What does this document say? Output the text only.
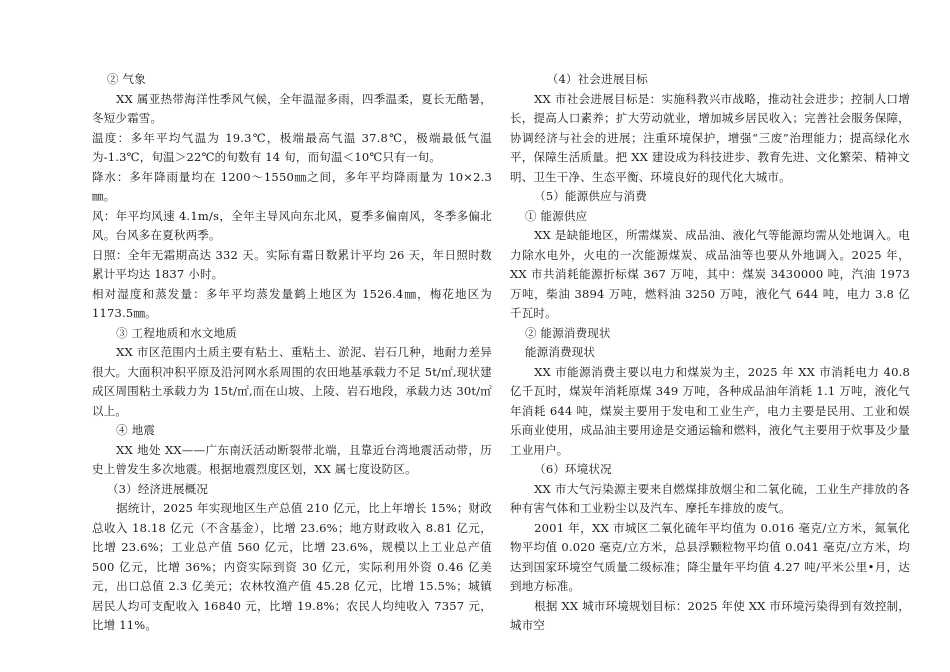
② 气象

XX 属亚热带海洋性季风气候，全年温湿多雨，四季温柔，夏长无酷暑，冬短少霜雪。

温度：多年平均气温为 19.3℃，极端最高气温 37.8℃，极端最低气温为-1.3℃，旬温＞22℃的旬数有 14 旬，而旬温＜10℃只有一旬。

降水：多年降雨量均在 1200～1550㎜之间，多年平均降雨量为 10×2.3㎜。

风：年平均风速 4.1m/s，全年主导风向东北风，夏季多偏南风，冬季多偏北风。台风多在夏秋两季。

日照：全年无霜期高达 332 天。实际有霜日数累计平均 26 天，年日照时数累计平均达 1837 小时。

相对湿度和蒸发量：多年平均蒸发量鹤上地区为 1526.4㎜，梅花地区为 1173.5㎜。

③ 工程地质和水文地质

XX 市区范围内土质主要有粘土、重粘土、淤泥、岩石几种，地耐力差异很大。大面积冲积平原及沿河网水系周围的农田地基承载力不足 5t/㎡,现状建成区周围粘土承载力为 15t/㎡,而在山坡、上陵、岩石地段，承载力达 30t/㎡以上。

④ 地震

XX 地处 XX——广东南沃活动断裂带北端，且靠近台湾地震活动带，历史上曾发生多次地震。根据地震烈度区划，XX 属七度设防区。

（3）经济进展概况

据统计，2025 年实现地区生产总值 210 亿元，比上年增长 15%；财政总收入 18.18 亿元（不含基金），比增 23.6%；地方财政收入 8.81 亿元，比增 23.6%；工业总产值 560 亿元，比增 23.6%，规模以上工业总产值 500 亿元，比增 36%；内资实际到资 30 亿元，实际利用外资 0.46 亿美元，出口总值 2.3 亿美元；农林牧渔产值 45.28 亿元，比增 15.5%；城镇居民人均可支配收入 16840 元，比增 19.8%；农民人均纯收入 7357 元，比增 11%。

（4）社会进展目标

XX 市社会进展目标是：实施科教兴市战略，推动社会进步；控制人口增长，提高人口素养；扩大劳动就业，增加城乡居民收入；完善社会服务保障，协调经济与社会的进展；注重环境保护，增强“三废”治理能力；提高绿化水平，保障生活质量。把 XX 建设成为科技进步、教育先进、文化繁荣、精神文明、卫生干净、生态平衡、环境良好的现代化大城市。

（5）能源供应与消费

① 能源供应

XX 是缺能地区，所需煤炭、成品油、液化气等能源均需从处地调入。电力除水电外，火电的一次能源煤炭、成品油等也要从外地调入。2025 年，XX 市共消耗能源折标煤 367 万吨，其中：煤炭 3430000 吨，汽油 1973 万吨，柴油 3894 万吨，燃料油 3250 万吨，液化气 644 吨，电力 3.8 亿千瓦时。

② 能源消费现状

能源消费现状

XX 市能源消费主要以电力和煤炭为主，2025 年 XX 市消耗电力 40.8 亿千瓦时，煤炭年消耗原煤 349 万吨，各种成品油年消耗 1.1 万吨，液化气年消耗 644 吨，煤炭主要用于发电和工业生产，电力主要是民用、工业和娱乐商业使用，成品油主要用途是交通运输和燃料，液化气主要用于炊事及少量工业用户。

（6）环境状况

XX 市大气污染源主要来自燃煤排放烟尘和二氧化硫，工业生产排放的各种有害气体和工业粉尘以及汽车、摩托车排放的废气。

2001 年，XX 市城区二氧化硫年平均值为 0.016 毫克/立方米，氮氧化物平均值 0.020 毫克/立方米，总县浮颗粒物平均值 0.041 毫克/立方米，均达到国家环境空气质量二级标准；降尘量年平均值 4.27 吨/平米公里•月，达到地方标准。

根据 XX 城市环境规划目标：2025 年使 XX 市环境污染得到有效控制，城市空
